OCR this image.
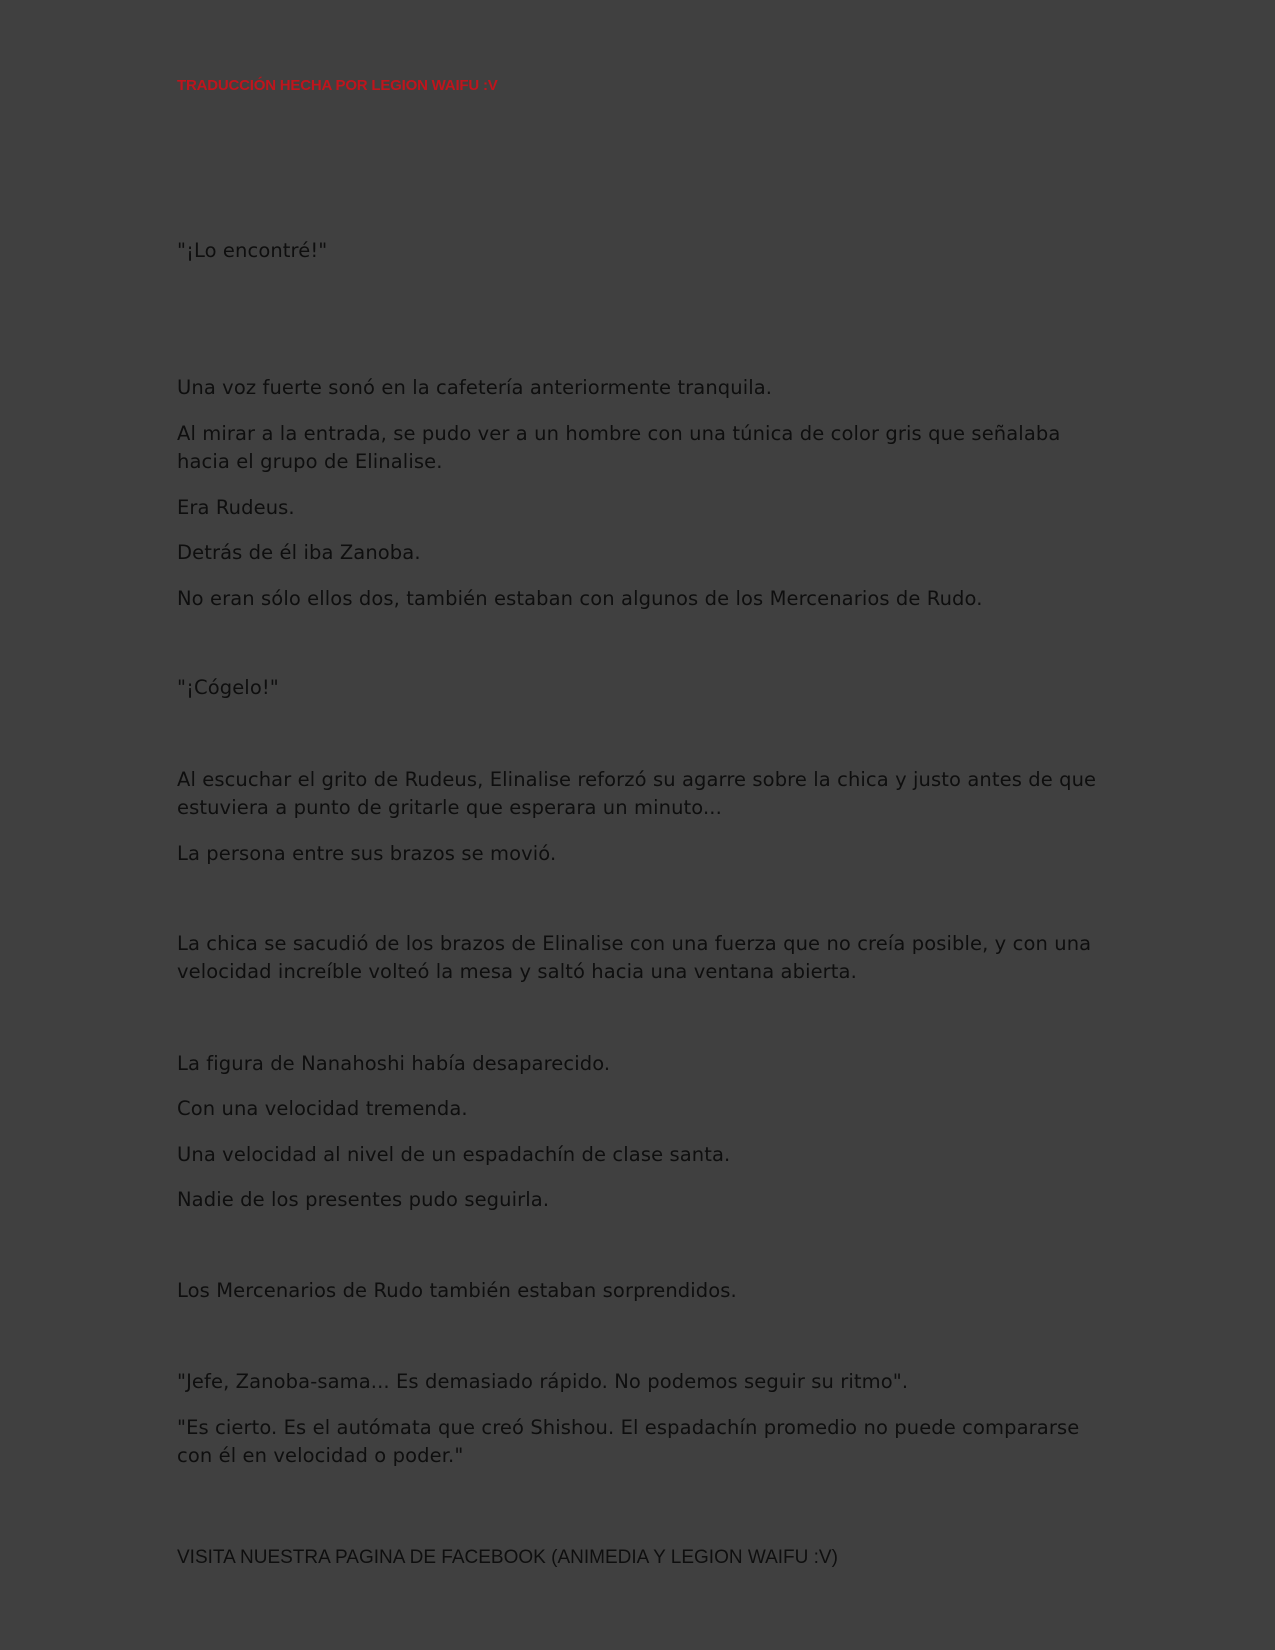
TRADUCCIÓN HECHA POR LEGION WAIFU :V

"¡Lo encontré!"

Una voz fuerte sonó en la cafetería anteriormente tranquila.

Al mirar a la entrada, se pudo ver a un hombre con una túnica de color gris que señalaba hacia el grupo de Elinalise.

Era Rudeus.

Detrás de él iba Zanoba.

No eran sólo ellos dos, también estaban con algunos de los Mercenarios de Rudo.

"¡Cógelo!"

Al escuchar el grito de Rudeus, Elinalise reforzó su agarre sobre la chica y justo antes de que estuviera a punto de gritarle que esperara un minuto...

La persona entre sus brazos se movió.

La chica se sacudió de los brazos de Elinalise con una fuerza que no creía posible, y con una velocidad increíble volteó la mesa y saltó hacia una ventana abierta.

La figura de Nanahoshi había desaparecido.

Con una velocidad tremenda.

Una velocidad al nivel de un espadachín de clase santa.

Nadie de los presentes pudo seguirla.

Los Mercenarios de Rudo también estaban sorprendidos.

"Jefe, Zanoba-sama... Es demasiado rápido. No podemos seguir su ritmo".

"Es cierto. Es el autómata que creó Shishou. El espadachín promedio no puede compararse con él en velocidad o poder."

VISITA NUESTRA PAGINA DE FACEBOOK (ANIMEDIA Y LEGION WAIFU :V)
